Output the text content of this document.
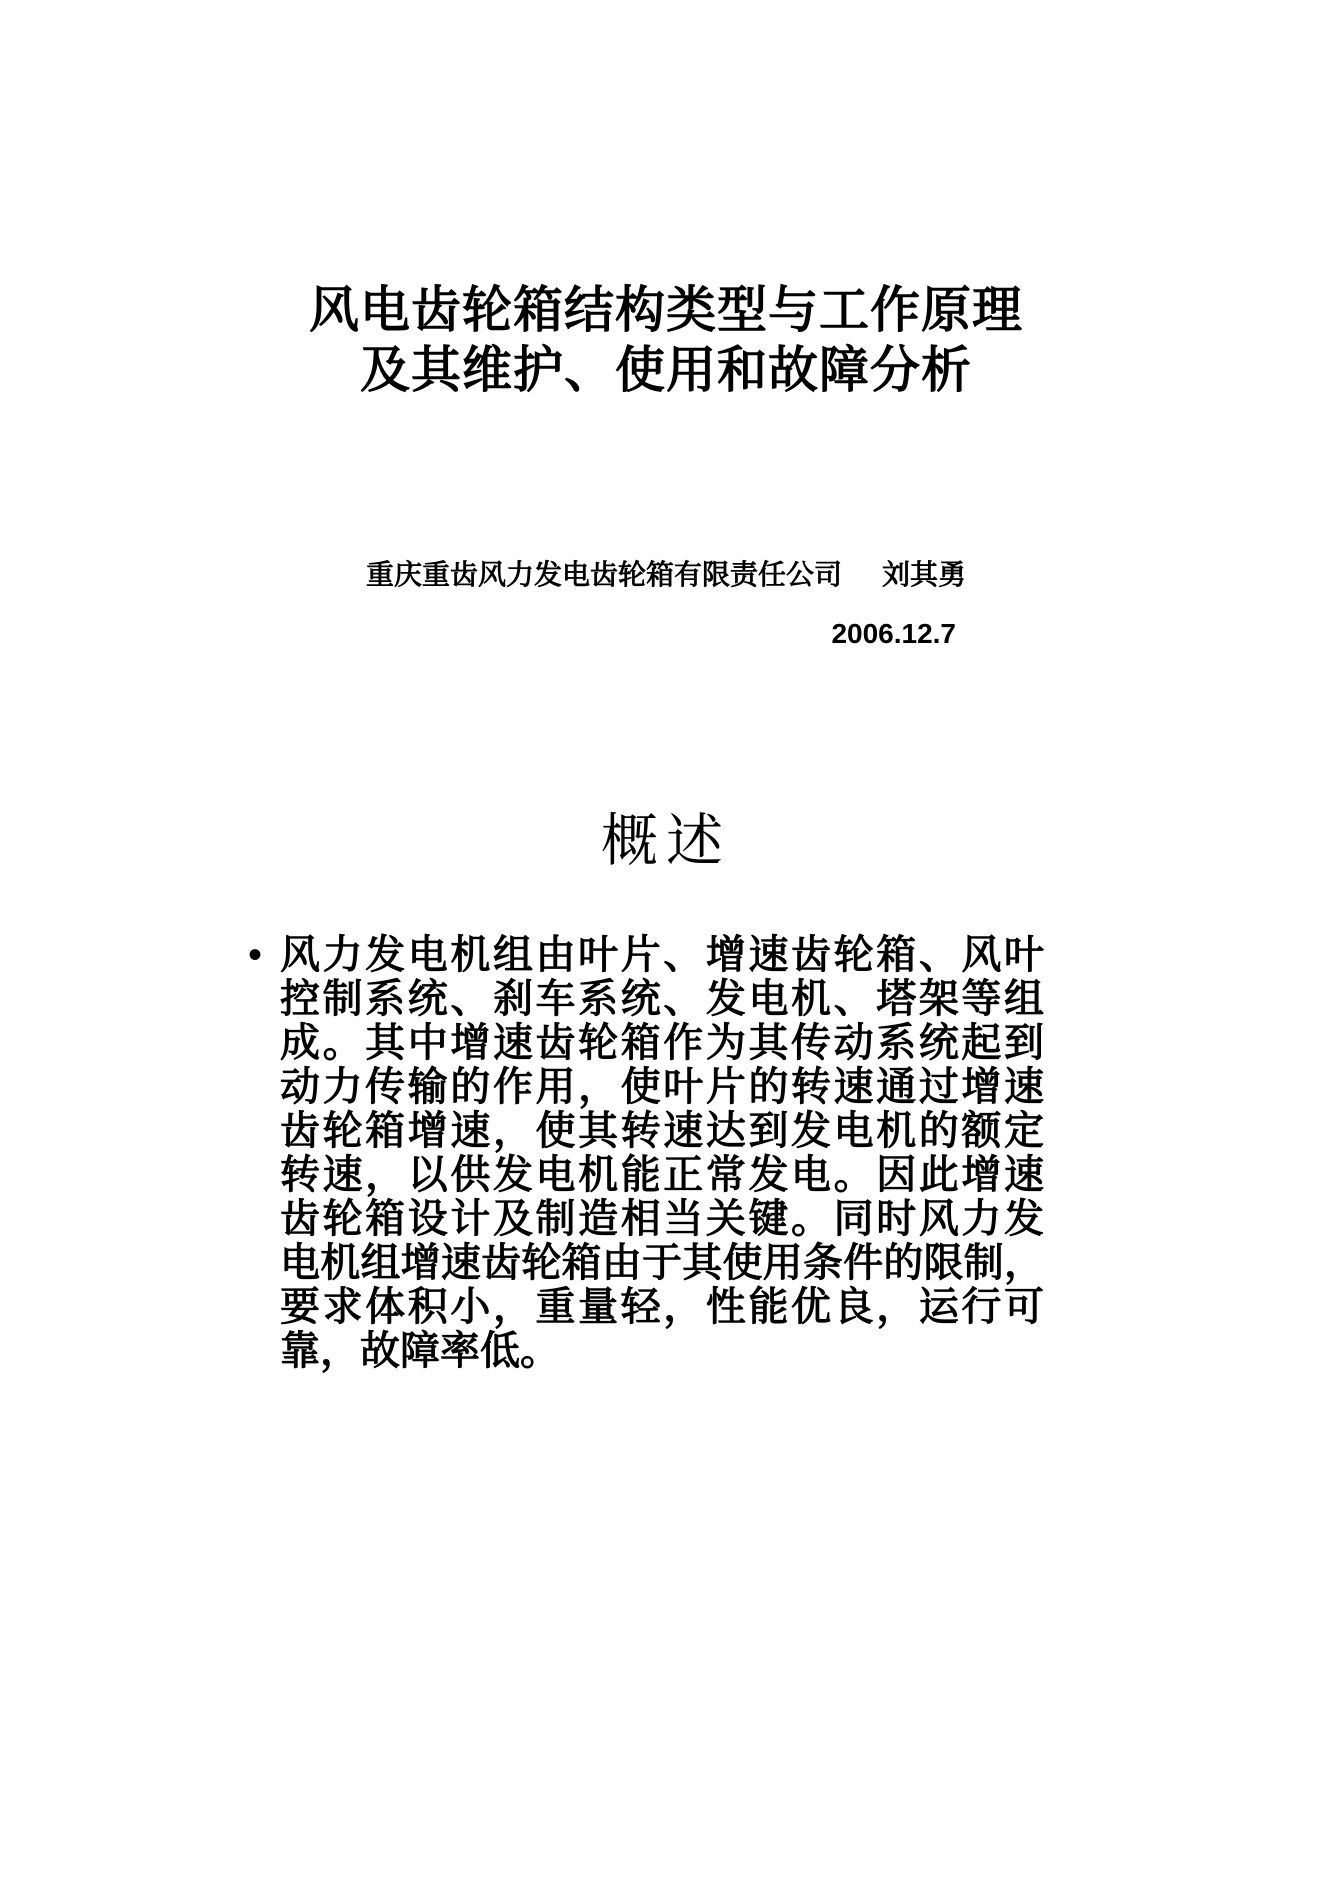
风电齿轮箱结构类型与工作原理
及其维护、使用和故障分析
重庆重齿风力发电齿轮箱有限责任公司 刘其勇
2006.12.7
概述
• 风力发电机组由叶片、增速齿轮箱、风叶
控制系统、刹车系统、发电机、塔架等组
成。其中增速齿轮箱作为其传动系统起到
动力传输的作用，使叶片的转速通过增速
齿轮箱增速，使其转速达到发电机的额定
转速，以供发电机能正常发电。因此增速
齿轮箱设计及制造相当关键。同时风力发
电机组增速齿轮箱由于其使用条件的限制，
要求体积小，重量轻，性能优良，运行可
靠，故障率低。
